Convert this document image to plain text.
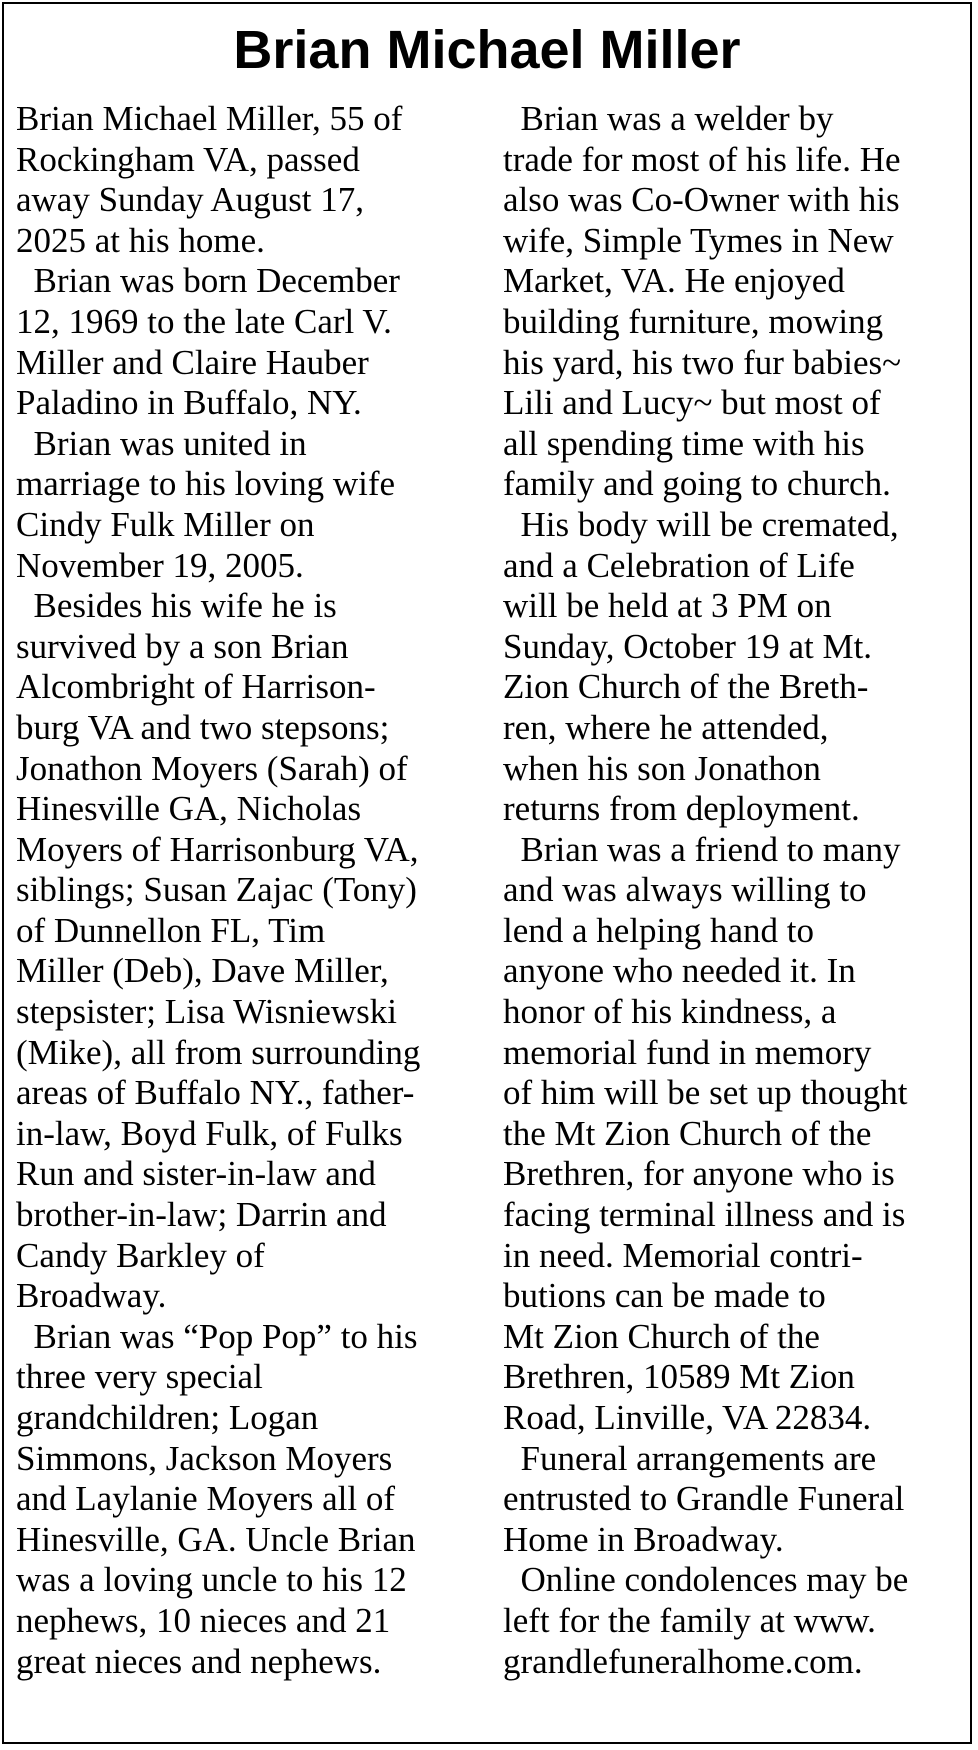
Brian Michael Miller
Brian Michael Miller, 55 of
Rockingham VA, passed
away Sunday August 17,
2025 at his home.
Brian was born December
12, 1969 to the late Carl V.
Miller and Claire Hauber
Paladino in Buffalo, NY.
Brian was united in
marriage to his loving wife
Cindy Fulk Miller on
November 19, 2005.
Besides his wife he is
survived by a son Brian
Alcombright of Harrison-
burg VA and two stepsons;
Jonathon Moyers (Sarah) of
Hinesville GA, Nicholas
Moyers of Harrisonburg VA,
siblings; Susan Zajac (Tony)
of Dunnellon FL, Tim
Miller (Deb), Dave Miller,
stepsister; Lisa Wisniewski
(Mike), all from surrounding
areas of Buffalo NY., father-
in-law, Boyd Fulk, of Fulks
Run and sister-in-law and
brother-in-law; Darrin and
Candy Barkley of
Broadway.
Brian was “Pop Pop” to his
three very special
grandchildren; Logan
Simmons, Jackson Moyers
and Laylanie Moyers all of
Hinesville, GA. Uncle Brian
was a loving uncle to his 12
nephews, 10 nieces and 21
great nieces and nephews.
Brian was a welder by
trade for most of his life. He
also was Co-Owner with his
wife, Simple Tymes in New
Market, VA. He enjoyed
building furniture, mowing
his yard, his two fur babies~
Lili and Lucy~ but most of
all spending time with his
family and going to church.
His body will be cremated,
and a Celebration of Life
will be held at 3 PM on
Sunday, October 19 at Mt.
Zion Church of the Breth-
ren, where he attended,
when his son Jonathon
returns from deployment.
Brian was a friend to many
and was always willing to
lend a helping hand to
anyone who needed it. In
honor of his kindness, a
memorial fund in memory
of him will be set up thought
the Mt Zion Church of the
Brethren, for anyone who is
facing terminal illness and is
in need. Memorial contri-
butions can be made to
Mt Zion Church of the
Brethren, 10589 Mt Zion
Road, Linville, VA 22834.
Funeral arrangements are
entrusted to Grandle Funeral
Home in Broadway.
Online condolences may be
left for the family at www.
grandlefuneralhome.com.
